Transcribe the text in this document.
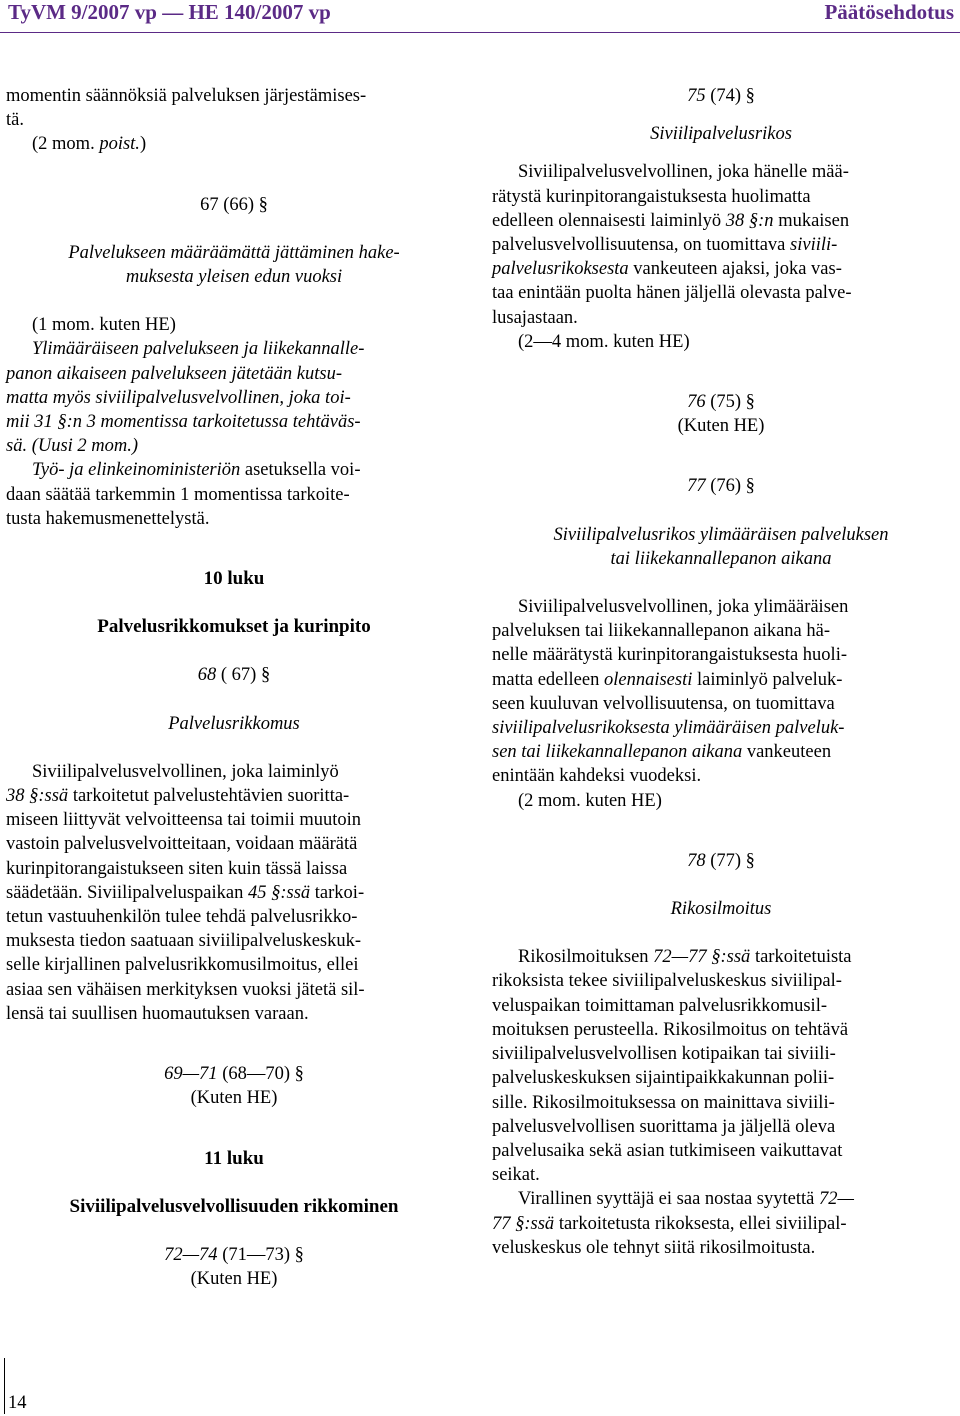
TyVM 9/2007 vp — HE 140/2007 vp	Päätösehdotus

momentin säännöksiä palveluksen järjestämises-

tä.

(2 mom. poist.)

67 (66) §

Palvelukseen määräämättä jättäminen hake-

muksesta yleisen edun vuoksi

(1 mom. kuten HE)

Ylimääräiseen palvelukseen ja liikekannalle-

panon aikaiseen palvelukseen jätetään kutsu-

matta myös siviilipalvelusvelvollinen, joka toi-

mii 31 §:n 3 momentissa tarkoitetussa tehtäväs-

sä. (Uusi 2 mom.)

Työ- ja elinkeinoministeriön asetuksella voi-

daan säätää tarkemmin 1 momentissa tarkoite-

tusta hakemusmenettelystä.

10 luku

Palvelusrikkomukset ja kurinpito

68 ( 67) §

Palvelusrikkomus

Siviilipalvelusvelvollinen, joka laiminlyö

38 §:ssä tarkoitetut palvelustehtävien suoritta-

miseen liittyvät velvoitteensa tai toimii muutoin

vastoin palvelusvelvoitteitaan, voidaan määrätä

kurinpitorangaistukseen siten kuin tässä laissa

säädetään. Siviilipalveluspaikan 45 §:ssä tarkoi-

tetun vastuuhenkilön tulee tehdä palvelusrikko-

muksesta tiedon saatuaan siviilipalveluskeskuk-

selle kirjallinen palvelusrikkomusilmoitus, ellei

asiaa sen vähäisen merkityksen vuoksi jätetä sil-

lensä tai suullisen huomautuksen varaan.

69—71 (68—70) §

(Kuten HE)

11 luku

Siviilipalvelusvelvollisuuden rikkominen

72—74 (71—73) §

(Kuten HE)

75 (74) §

Siviilipalvelusrikos

Siviilipalvelusvelvollinen, joka hänelle mää-

rätystä kurinpitorangaistuksesta huolimatta

edelleen olennaisesti laiminlyö 38 §:n mukaisen

palvelusvelvollisuutensa, on tuomittava siviili-

palvelusrikoksesta vankeuteen ajaksi, joka vas-

taa enintään puolta hänen jäljellä olevasta palve-

lusajastaan.

(2—4 mom. kuten HE)

76 (75) §

(Kuten HE)

77 (76) §

Siviilipalvelusrikos ylimääräisen palveluksen

tai liikekannallepanon aikana

Siviilipalvelusvelvollinen, joka ylimääräisen

palveluksen tai liikekannallepanon aikana hä-

nelle määrätystä kurinpitorangaistuksesta huoli-

matta edelleen olennaisesti laiminlyö palveluk-

seen kuuluvan velvollisuutensa, on tuomittava

siviilipalvelusrikoksesta ylimääräisen palveluk-

sen tai liikekannallepanon aikana vankeuteen

enintään kahdeksi vuodeksi.

(2 mom. kuten HE)

78 (77) §

Rikosilmoitus

Rikosilmoituksen 72—77 §:ssä tarkoitetuista

rikoksista tekee siviilipalveluskeskus siviilipal-

veluspaikan toimittaman palvelusrikkomusil-

moituksen perusteella. Rikosilmoitus on tehtävä

siviilipalvelusvelvollisen kotipaikan tai siviili-

palveluskeskuksen sijaintipaikkakunnan polii-

sille. Rikosilmoituksessa on mainittava siviili-

palvelusvelvollisen suorittama ja jäljellä oleva

palvelusaika sekä asian tutkimiseen vaikuttavat

seikat.

Virallinen syyttäjä ei saa nostaa syytettä 72—

77 §:ssä tarkoitetusta rikoksesta, ellei siviilipal-

veluskeskus ole tehnyt siitä rikosilmoitusta.

14
